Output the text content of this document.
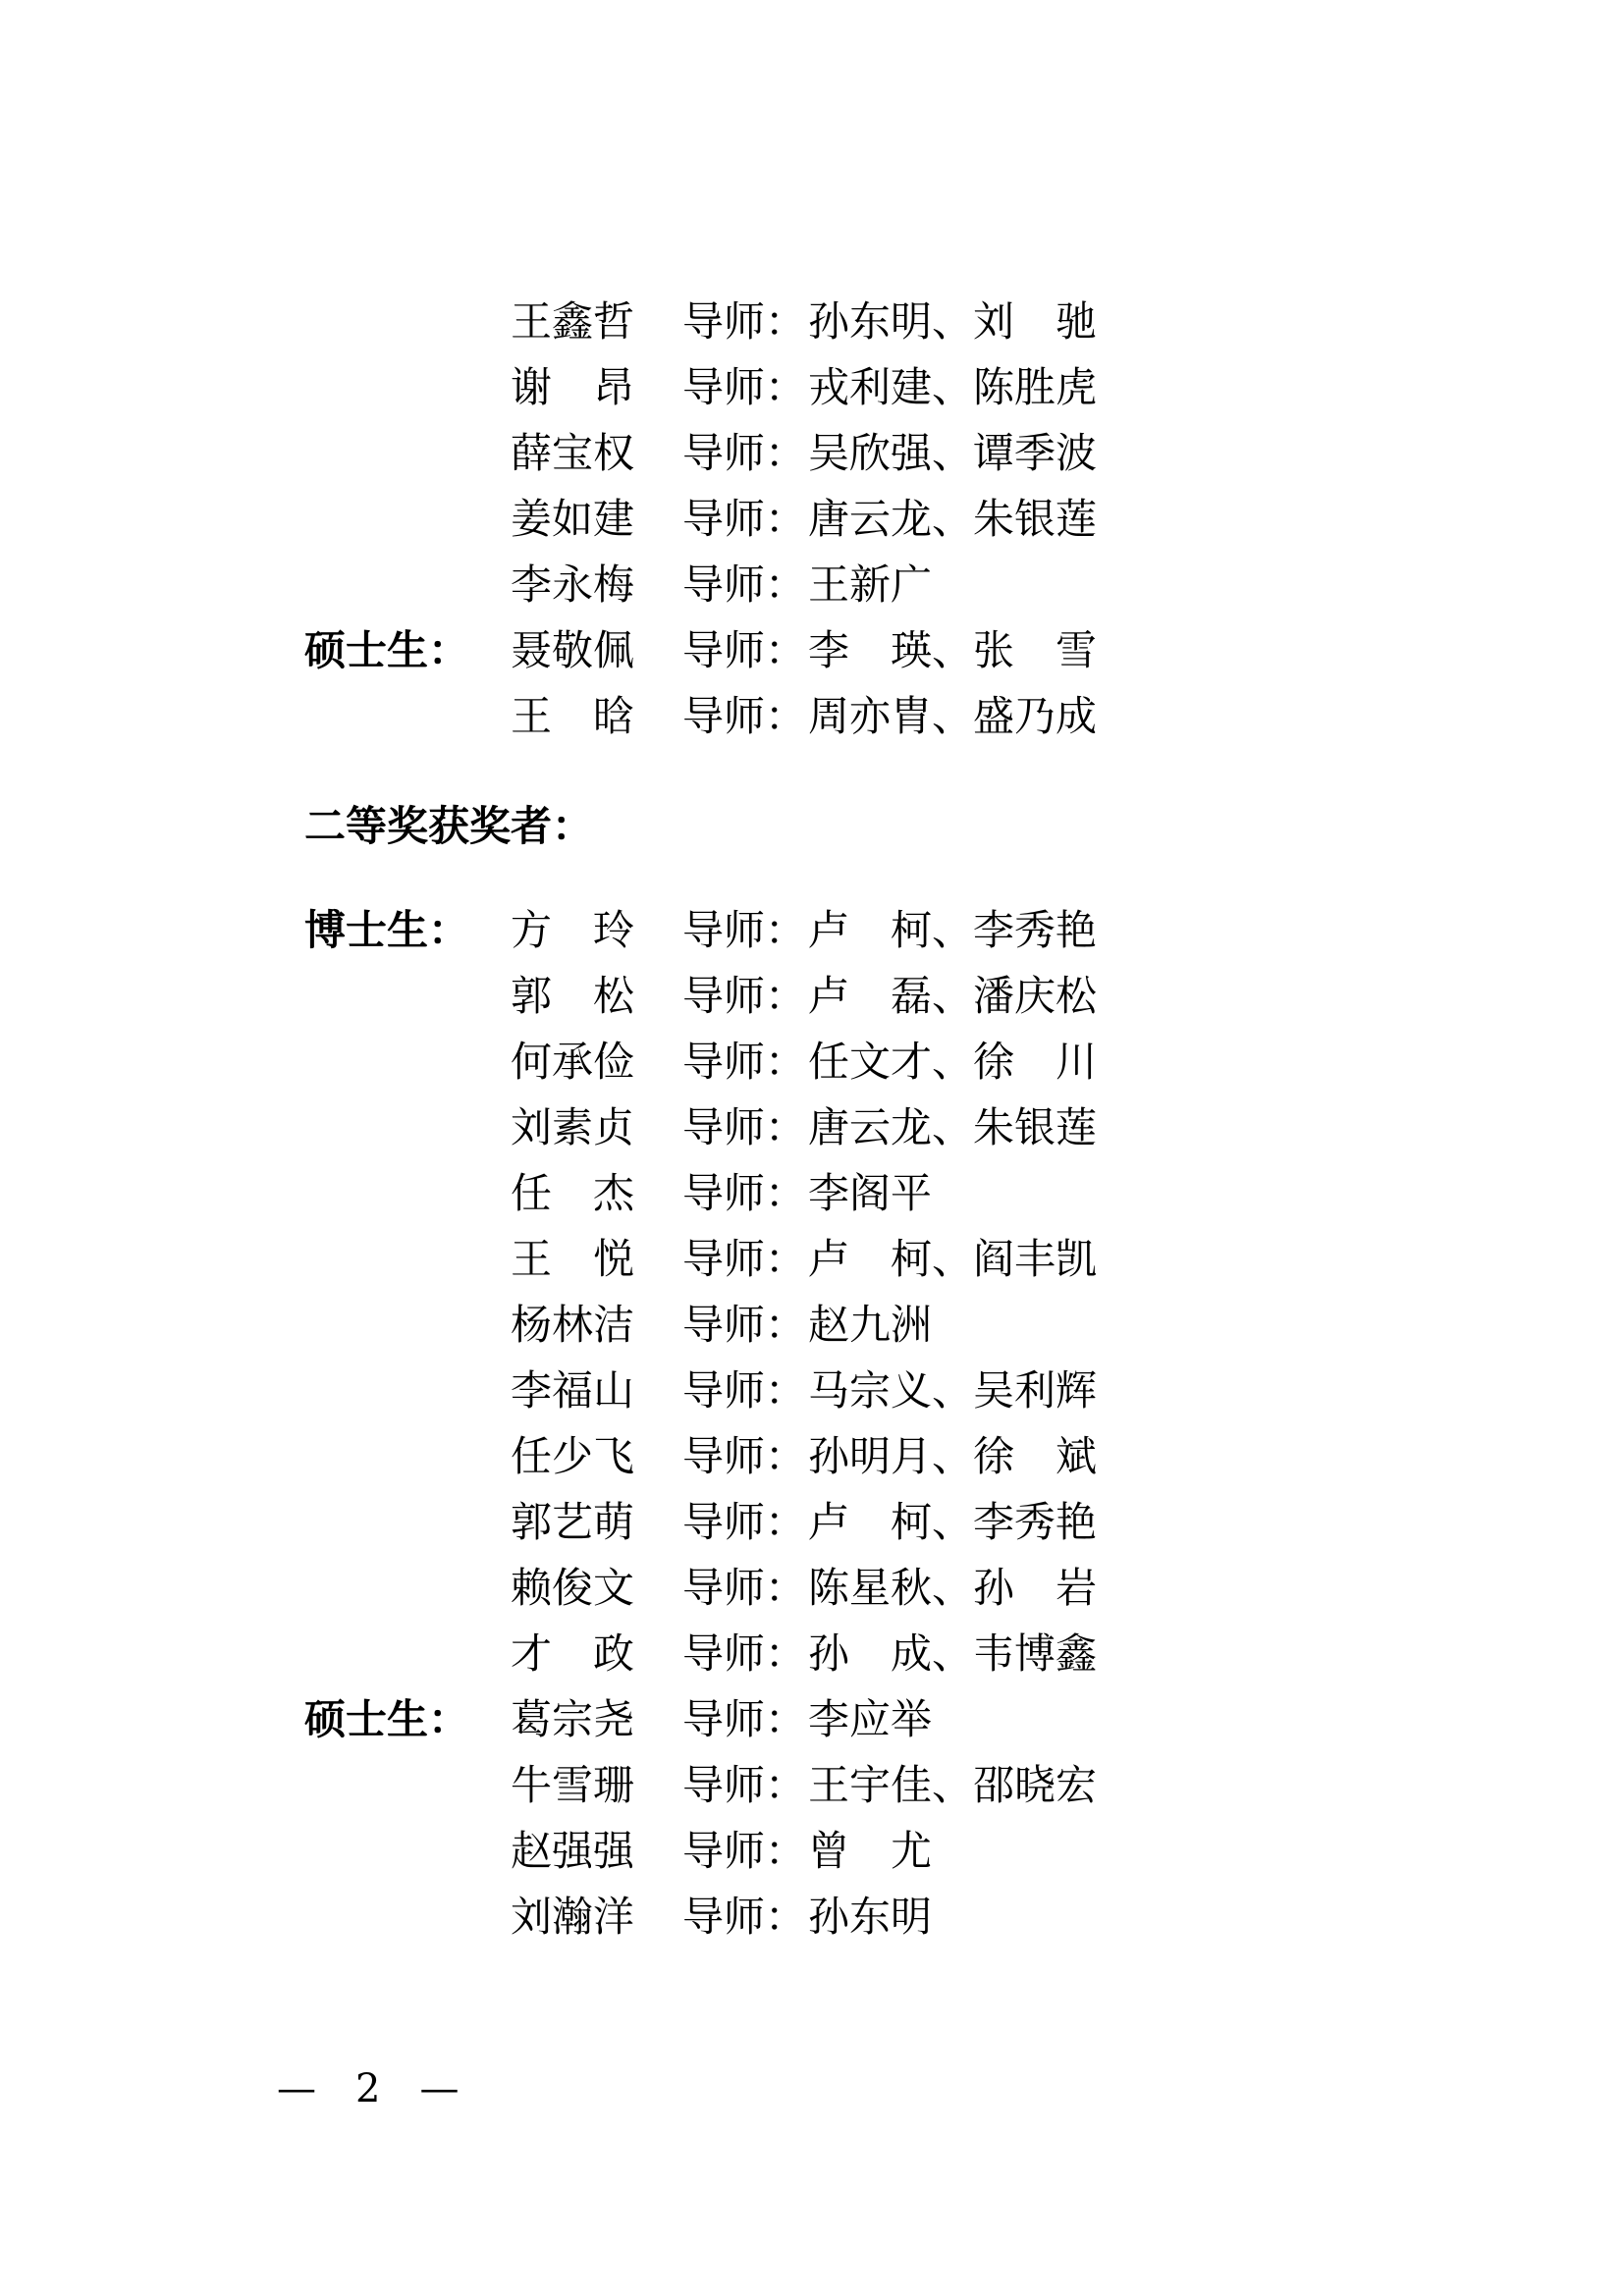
王鑫哲 导师： 孙东明、刘　驰
谢　昂 导师： 戎利建、陈胜虎
薛宝权 导师： 吴欣强、谭季波
姜如建 导师： 唐云龙、朱银莲
李永梅 导师： 王新广
硕士生： 聂敬佩 导师： 李　瑛、张　雪
王　晗 导师： 周亦胄、盛乃成
二等奖获奖者：
博士生： 方　玲 导师： 卢　柯、李秀艳
郭　松 导师： 卢　磊、潘庆松
何承俭 导师： 任文才、徐　川
刘素贞 导师： 唐云龙、朱银莲
任　杰 导师： 李阁平
王　悦 导师： 卢　柯、阎丰凯
杨林洁 导师： 赵九洲
李福山 导师： 马宗义、吴利辉
任少飞 导师： 孙明月、徐　斌
郭艺萌 导师： 卢　柯、李秀艳
赖俊文 导师： 陈星秋、孙　岩
才　政 导师： 孙　成、韦博鑫
硕士生： 葛宗尧 导师： 李应举
牛雪珊 导师： 王宇佳、邵晓宏
赵强强 导师： 曾　尤
刘瀚洋 导师： 孙东明
—　2　—
